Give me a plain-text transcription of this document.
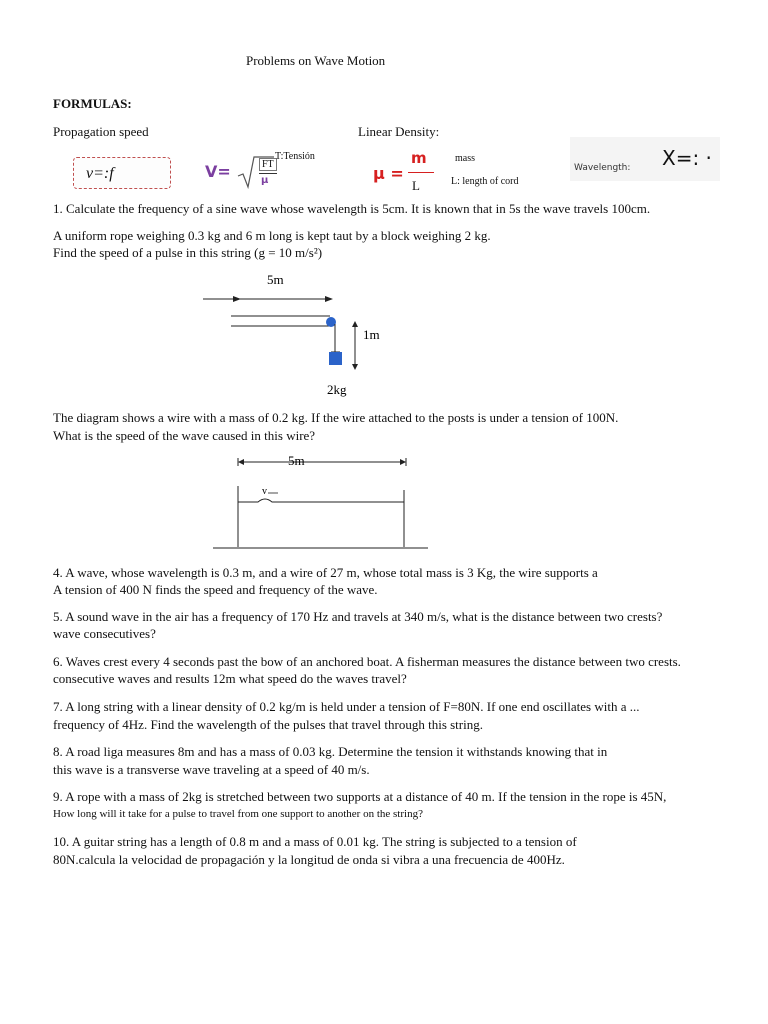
Problems on Wave Motion
FORMULAS:
Propagation speed	Linear Density:
v=:f	V=	FT
μ
T:Tensión
μ =
m
L
mass
L: length of cord
Wavelength: X=: ·
1. Calculate the frequency of a sine wave whose wavelength is 5cm. It is known that in 5s the wave travels 100cm.
A uniform rope weighing 0.3 kg and 6 m long is kept taut by a block weighing 2 kg.
Find the speed of a pulse in this string (g = 10 m/s²)
5m
1m
2kg
The diagram shows a wire with a mass of 0.2 kg. If the wire attached to the posts is under a tension of 100N.
What is the speed of the wave caused in this wire?
5m
v
4. A wave, whose wavelength is 0.3 m, and a wire of 27 m, whose total mass is 3 Kg, the wire supports a
A tension of 400 N finds the speed and frequency of the wave.
5. A sound wave in the air has a frequency of 170 Hz and travels at 340 m/s, what is the distance between two crests?
wave consecutives?
6. Waves crest every 4 seconds past the bow of an anchored boat. A fisherman measures the distance between two crests.
consecutive waves and results 12m what speed do the waves travel?
7. A long string with a linear density of 0.2 kg/m is held under a tension of F=80N. If one end oscillates with a ...
frequency of 4Hz. Find the wavelength of the pulses that travel through this string.
8. A road liga measures 8m and has a mass of 0.03 kg. Determine the tension it withstands knowing that in
this wave is a transverse wave traveling at a speed of 40 m/s.
9. A rope with a mass of 2kg is stretched between two supports at a distance of 40 m. If the tension in the rope is 45N,
How long will it take for a pulse to travel from one support to another on the string?
10. A guitar string has a length of 0.8 m and a mass of 0.01 kg. The string is subjected to a tension of
80N.calcula la velocidad de propagación y la longitud de onda si vibra a una frecuencia de 400Hz.
